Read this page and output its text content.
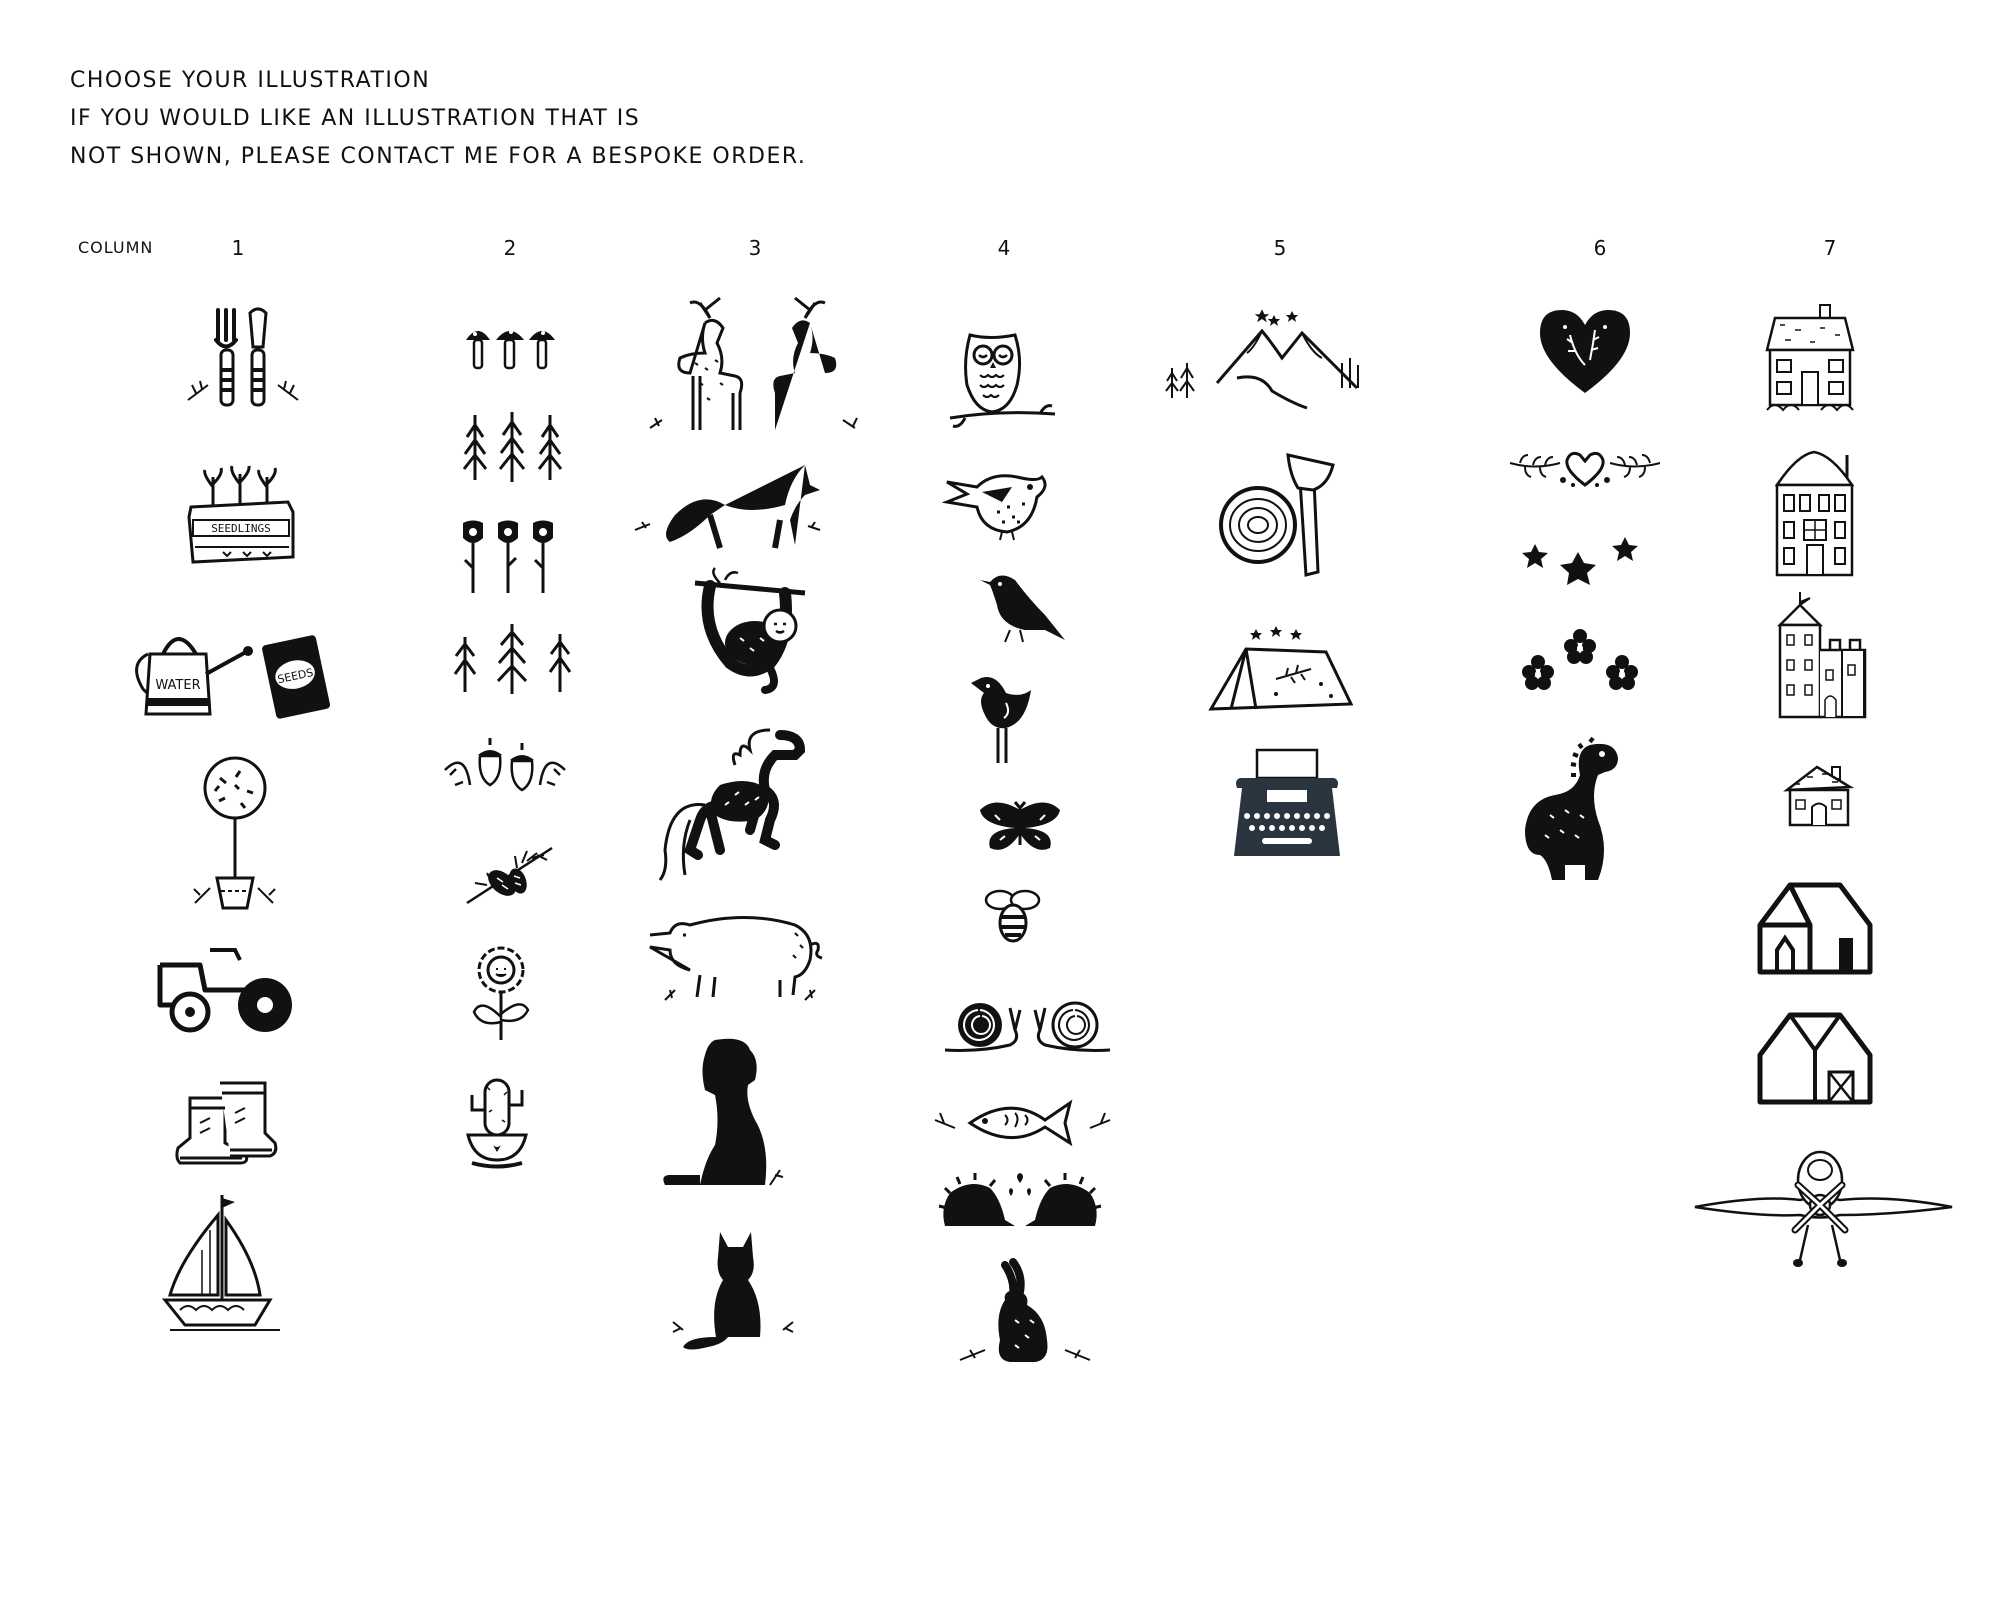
CHOOSE YOUR ILLUSTRATION
IF YOU WOULD LIKE AN ILLUSTRATION THAT IS
NOT SHOWN, PLEASE CONTACT ME FOR A BESPOKE ORDER.
COLUMN	1	2	3	4	5	6	7
SEEDLINGS
WATER	SEEDS
